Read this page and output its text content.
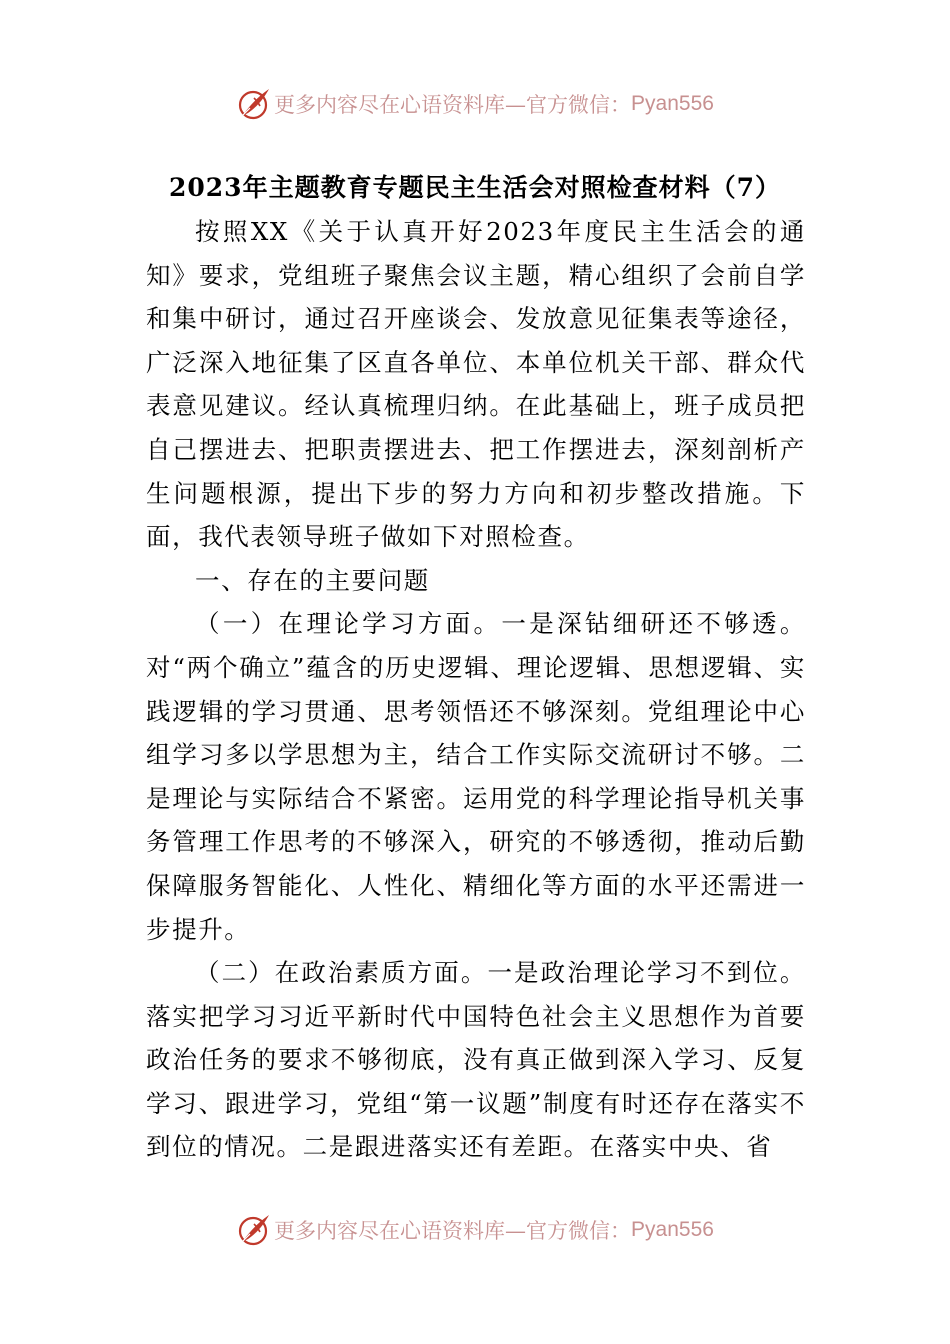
更多内容尽在心语资料库—官方微信： Pyan556
2023年主题教育专题民主生活会对照检查材料（7）

按照XX《关于认真开好2023年度民主生活会的通知》要求，党组班子聚焦会议主题，精心组织了会前自学和集中研讨，通过召开座谈会、发放意见征集表等途径，广泛深入地征集了区直各单位、本单位机关干部、群众代表意见建议。经认真梳理归纳。在此基础上，班子成员把自己摆进去、把职责摆进去、把工作摆进去，深刻剖析产生问题根源，提出下步的努力方向和初步整改措施。下面，我代表领导班子做如下对照检查。

一、存在的主要问题

（一）在理论学习方面。一是深钻细研还不够透。对“两个确立”蕴含的历史逻辑、理论逻辑、思想逻辑、实践逻辑的学习贯通、思考领悟还不够深刻。党组理论中心组学习多以学思想为主，结合工作实际交流研讨不够。二是理论与实际结合不紧密。运用党的科学理论指导机关事务管理工作思考的不够深入，研究的不够透彻，推动后勤保障服务智能化、人性化、精细化等方面的水平还需进一步提升。

（二）在政治素质方面。一是政治理论学习不到位。落实把学习习近平新时代中国特色社会主义思想作为首要政治任务的要求不够彻底，没有真正做到深入学习、反复学习、跟进学习，党组“第一议题”制度有时还存在落实不到位的情况。二是跟进落实还有差距。在落实中央、省

更多内容尽在心语资料库—官方微信： Pyan556
